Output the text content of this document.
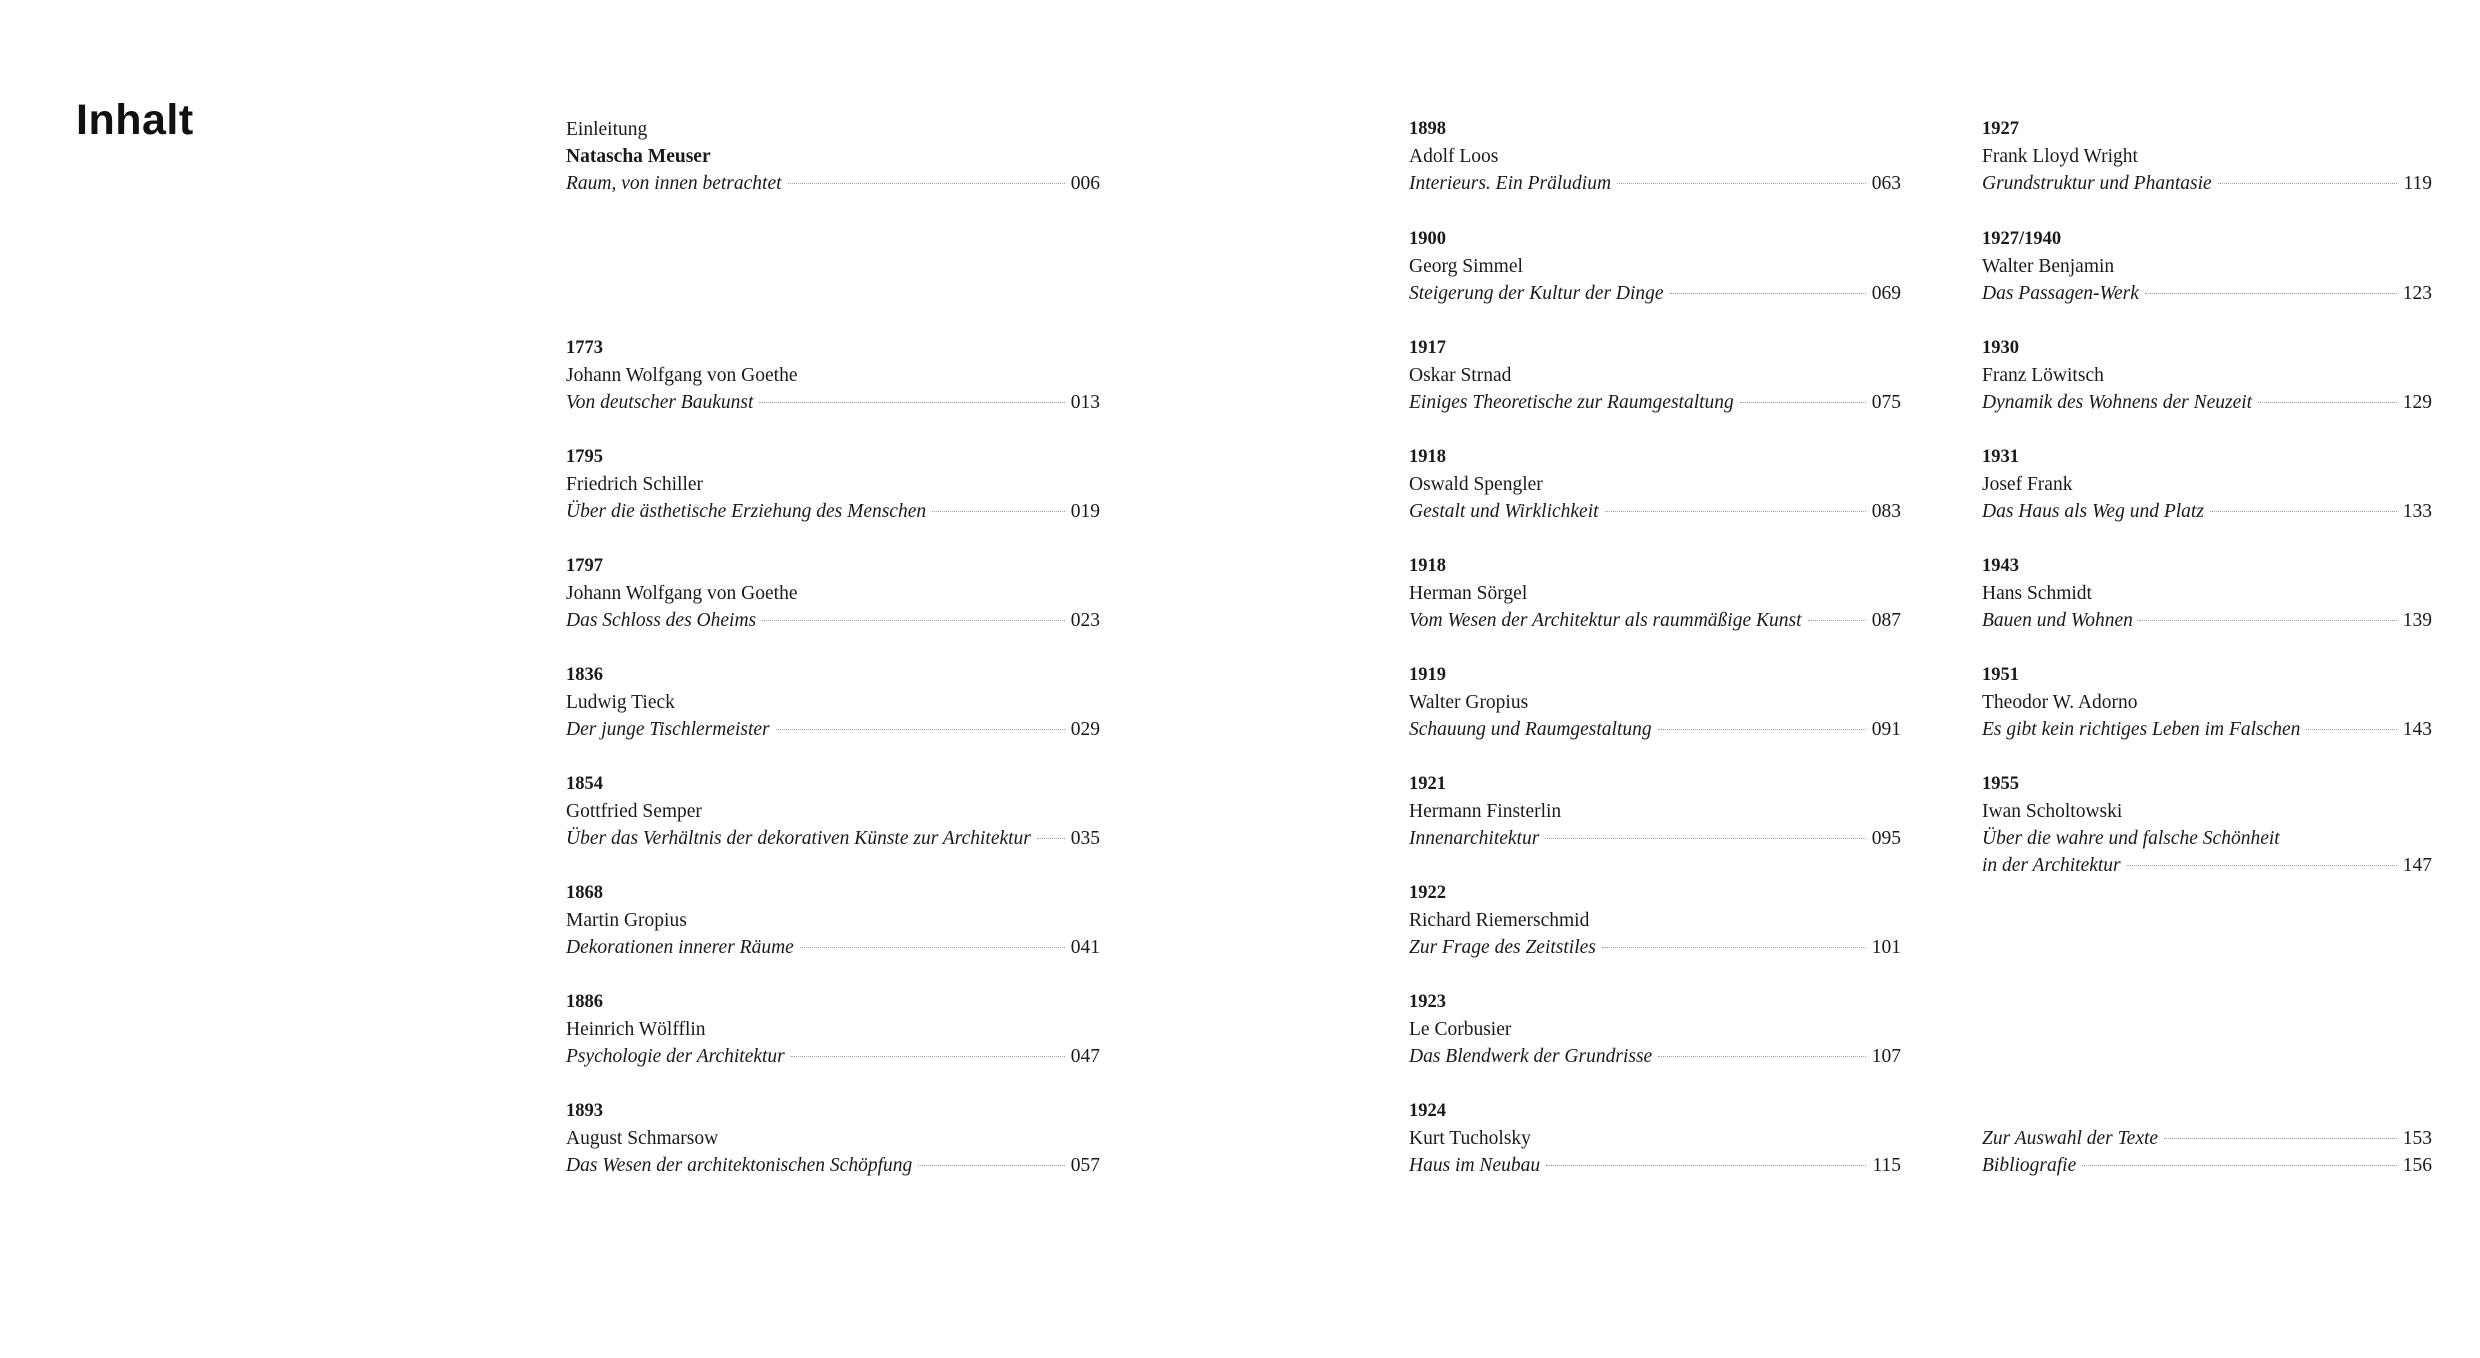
Inhalt	Einleitung
Natascha Meuser
Raum, von innen betrachtet	006
1773
Johann Wolfgang von Goethe
Von deutscher Baukunst	013
1795
Friedrich Schiller
Über die ästhetische Erziehung des Menschen	019
1797
Johann Wolfgang von Goethe
Das Schloss des Oheims	023
1836
Ludwig Tieck
Der junge Tischlermeister	029
1854
Gottfried Semper
Über das Verhältnis der dekorativen Künste zur Architektur 035
1868
Martin Gropius
Dekorationen innerer Räume	041
1886
Heinrich Wölfflin
Psychologie der Architektur	047
1893
August Schmarsow
Das Wesen der architektonischen Schöpfung	057
1898
Adolf Loos
Interieurs. Ein Präludium	063
1900
Georg Simmel
Steigerung der Kultur der Dinge	069
1917
Oskar Strnad
Einiges Theoretische zur Raumgestaltung	075
1918
Oswald Spengler
Gestalt und Wirklichkeit	083
1918
Herman Sörgel
Vom Wesen der Architektur als raummäßige Kunst	087
1919
Walter Gropius
Schauung und Raumgestaltung	091
1921
Hermann Finsterlin
Innenarchitektur	095
1922
Richard Riemerschmid
Zur Frage des Zeitstiles	101
1923
Le Corbusier
Das Blendwerk der Grundrisse	107
1924
Kurt Tucholsky
Haus im Neubau	115
1927
Frank Lloyd Wright
Grundstruktur und Phantasie	119
1927/1940
Walter Benjamin
Das Passagen-Werk	123
1930
Franz Löwitsch
Dynamik des Wohnens der Neuzeit	129
1931
Josef Frank
Das Haus als Weg und Platz	133
1943
Hans Schmidt
Bauen und Wohnen	139
1951
Theodor W. Adorno
Es gibt kein richtiges Leben im Falschen	143
1955
Iwan Scholtowski
Über die wahre und falsche Schönheit
in der Architektur	147
Zur Auswahl der Texte	153
Bibliografie	156
